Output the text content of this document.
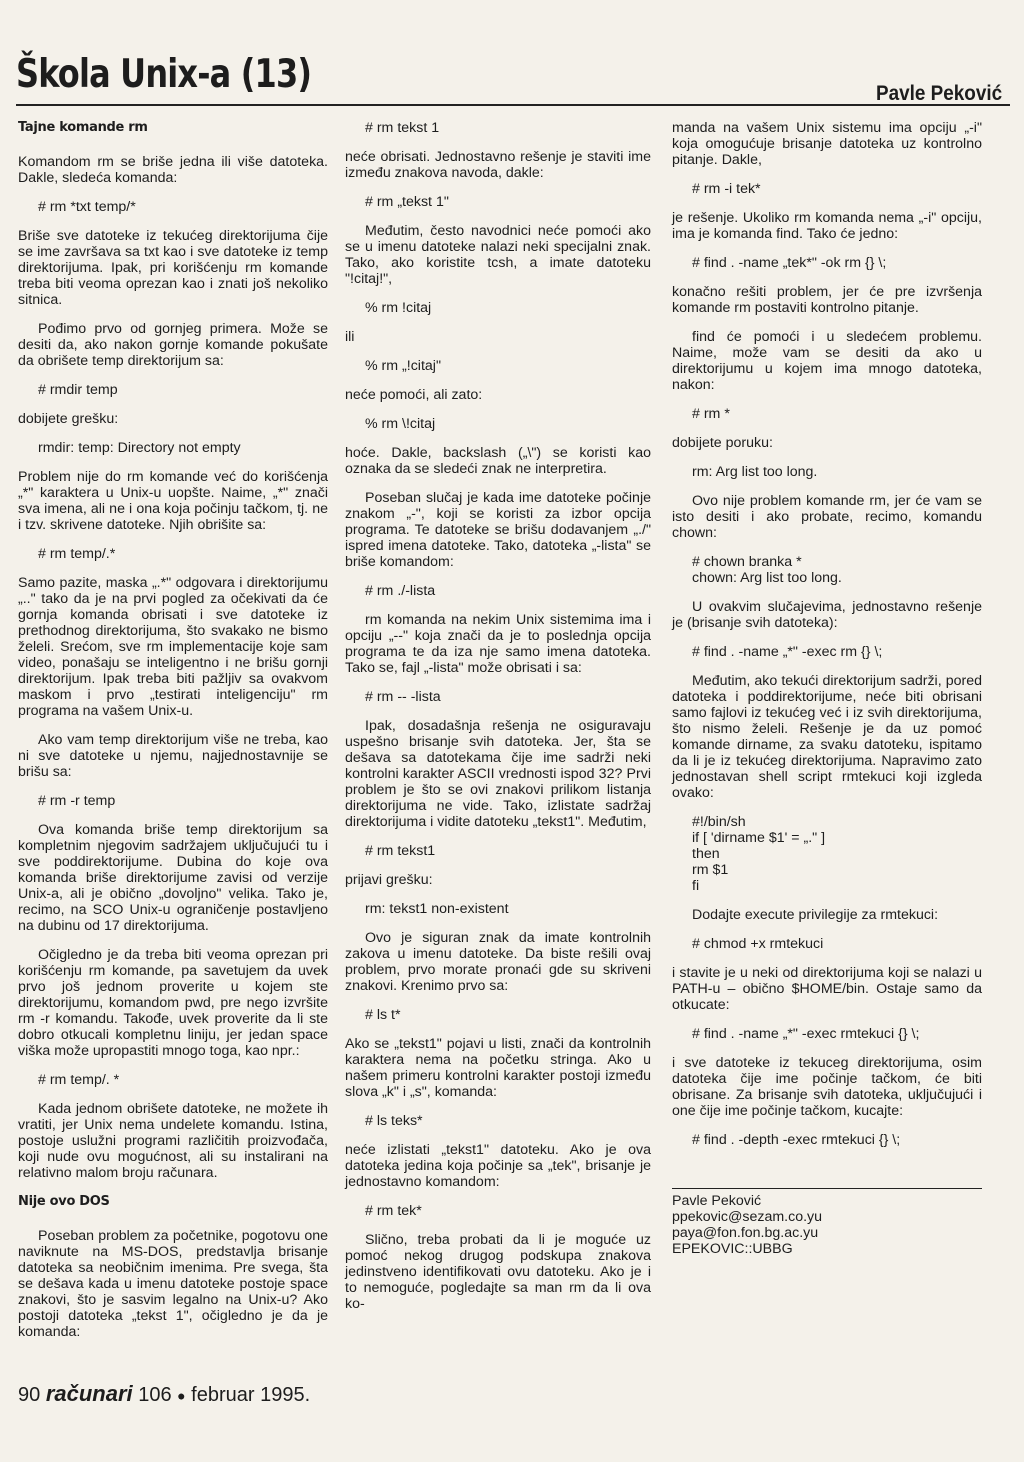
Škola Unix-a (13)	Pavle Peković
Tajne komande rm
Komandom rm se briše jedna ili više datoteka. Dakle, sledeća komanda:
# rm *txt temp/*
Briše sve datoteke iz tekućeg direktorijuma čije se ime završava sa txt kao i sve datoteke iz temp direktorijuma. Ipak, pri korišćenju rm komande treba biti veoma oprezan kao i znati još nekoliko sitnica.
Pođimo prvo od gornjeg primera. Može se desiti da, ako nakon gornje komande pokušate da obrišete temp direktorijum sa:
# rmdir temp
dobijete grešku:
rmdir: temp: Directory not empty
Problem nije do rm komande već do korišćenja „*" karaktera u Unix-u uopšte. Naime, „*" znači sva imena, ali ne i ona koja počinju tačkom, tj. ne i tzv. skrivene datoteke. Njih obrišite sa:
# rm temp/.*
Samo pazite, maska „.*" odgovara i direktorijumu „.." tako da je na prvi pogled za očekivati da će gornja komanda obrisati i sve datoteke iz prethodnog direktorijuma, što svakako ne bismo želeli. Srećom, sve rm implementacije koje sam video, ponašaju se inteligentno i ne brišu gornji direktorijum. Ipak treba biti pažljiv sa ovakvom maskom i prvo „testirati inteligenciju" rm programa na vašem Unix-u.
Ako vam temp direktorijum više ne treba, kao ni sve datoteke u njemu, najjednostavnije se brišu sa:
# rm -r temp
Ova komanda briše temp direktorijum sa kompletnim njegovim sadržajem uključujući tu i sve poddirektorijume. Dubina do koje ova komanda briše direktorijume zavisi od verzije Unix-a, ali je obično „dovoljno" velika. Tako je, recimo, na SCO Unix-u ograničenje postavljeno na dubinu od 17 direktorijuma.
Očigledno je da treba biti veoma oprezan pri korišćenju rm komande, pa savetujem da uvek prvo još jednom proverite u kojem ste direktorijumu, komandom pwd, pre nego izvršite rm -r komandu. Takođe, uvek proverite da li ste dobro otkucali kompletnu liniju, jer jedan space viška može upropastiti mnogo toga, kao npr.:
# rm temp/. *
Kada jednom obrišete datoteke, ne možete ih vratiti, jer Unix nema undelete komandu. Istina, postoje uslužni programi različitih proizvođača, koji nude ovu mogućnost, ali su instalirani na relativno malom broju računara.
Nije ovo DOS
Poseban problem za početnike, pogotovu one naviknute na MS-DOS, predstavlja brisanje datoteka sa neobičnim imenima. Pre svega, šta se dešava kada u imenu datoteke postoje space znakovi, što je sasvim legalno na Unix-u? Ako postoji datoteka „tekst 1", očigledno je da je komanda:
# rm tekst 1
neće obrisati. Jednostavno rešenje je staviti ime između znakova navoda, dakle:
# rm „tekst 1"
Međutim, često navodnici neće pomoći ako se u imenu datoteke nalazi neki specijalni znak. Tako, ako koristite tcsh, a imate datoteku "!citaj!",
% rm !citaj
ili
% rm „!citaj"
neće pomoći, ali zato:
% rm \!citaj
hoće. Dakle, backslash („\") se koristi kao oznaka da se sledeći znak ne interpretira.
Poseban slučaj je kada ime datoteke počinje znakom „-", koji se koristi za izbor opcija programa. Te datoteke se brišu dodavanjem „./" ispred imena datoteke. Tako, datoteka „-lista" se briše komandom:
# rm ./-lista
rm komanda na nekim Unix sistemima ima i opciju „--" koja znači da je to poslednja opcija programa te da iza nje samo imena datoteka. Tako se, fajl „-lista" može obrisati i sa:
# rm -- -lista
Ipak, dosadašnja rešenja ne osiguravaju uspešno brisanje svih datoteka. Jer, šta se dešava sa datotekama čije ime sadrži neki kontrolni karakter ASCII vrednosti ispod 32? Prvi problem je što se ovi znakovi prilikom listanja direktorijuma ne vide. Tako, izlistate sadržaj direktorijuma i vidite datoteku „tekst1". Međutim,
# rm tekst1
prijavi grešku:
rm: tekst1 non-existent
Ovo je siguran znak da imate kontrolnih zakova u imenu datoteke. Da biste rešili ovaj problem, prvo morate pronaći gde su skriveni znakovi. Krenimo prvo sa:
# ls t*
Ako se „tekst1" pojavi u listi, znači da kontrolnih karaktera nema na početku stringa. Ako u našem primeru kontrolni karakter postoji između slova „k" i „s", komanda:
# ls teks*
neće izlistati „tekst1" datoteku. Ako je ova datoteka jedina koja počinje sa „tek", brisanje je jednostavno komandom:
# rm tek*
Slično, treba probati da li je moguće uz pomoć nekog drugog podskupa znakova jedinstveno identifikovati ovu datoteku. Ako je i to nemoguće, pogledajte sa man rm da li ova ko-
manda na vašem Unix sistemu ima opciju „-i" koja omogućuje brisanje datoteka uz kontrolno pitanje. Dakle,
# rm -i tek*
je rešenje. Ukoliko rm komanda nema „-i" opciju, ima je komanda find. Tako će jedno:
# find . -name „tek*" -ok rm {} \;
konačno rešiti problem, jer će pre izvršenja komande rm postaviti kontrolno pitanje.
find će pomoći i u sledećem problemu. Naime, može vam se desiti da ako u direktorijumu u kojem ima mnogo datoteka, nakon:
# rm *
dobijete poruku:
rm: Arg list too long.
Ovo nije problem komande rm, jer će vam se isto desiti i ako probate, recimo, komandu chown:
# chown branka *
chown: Arg list too long.
U ovakvim slučajevima, jednostavno rešenje je (brisanje svih datoteka):
# find . -name „*" -exec rm {} \;
Međutim, ako tekući direktorijum sadrži, pored datoteka i poddirektorijume, neće biti obrisani samo fajlovi iz tekućeg već i iz svih direktorijuma, što nismo želeli. Rešenje je da uz pomoć komande dirname, za svaku datoteku, ispitamo da li je iz tekućeg direktorijuma. Napravimo zato jednostavan shell script rmtekuci koji izgleda ovako:
#!/bin/sh
if [ 'dirname $1' = „." ]
then
rm $1
fi
Dodajte execute privilegije za rmtekuci:
# chmod +x rmtekuci
i stavite je u neki od direktorijuma koji se nalazi u PATH-u – obično $HOME/bin. Ostaje samo da otkucate:
# find . -name „*" -exec rmtekuci {} \;
i sve datoteke iz tekuceg direktorijuma, osim datoteka čije ime počinje tačkom, će biti obrisane. Za brisanje svih datoteka, uključujući i one čije ime počinje tačkom, kucajte:
# find . -depth -exec rmtekuci {} \;
Pavle Peković
ppekovic@sezam.co.yu
paya@fon.fon.bg.ac.yu
EPEKOVIC::UBBG
90 računari 106 ● februar 1995.
